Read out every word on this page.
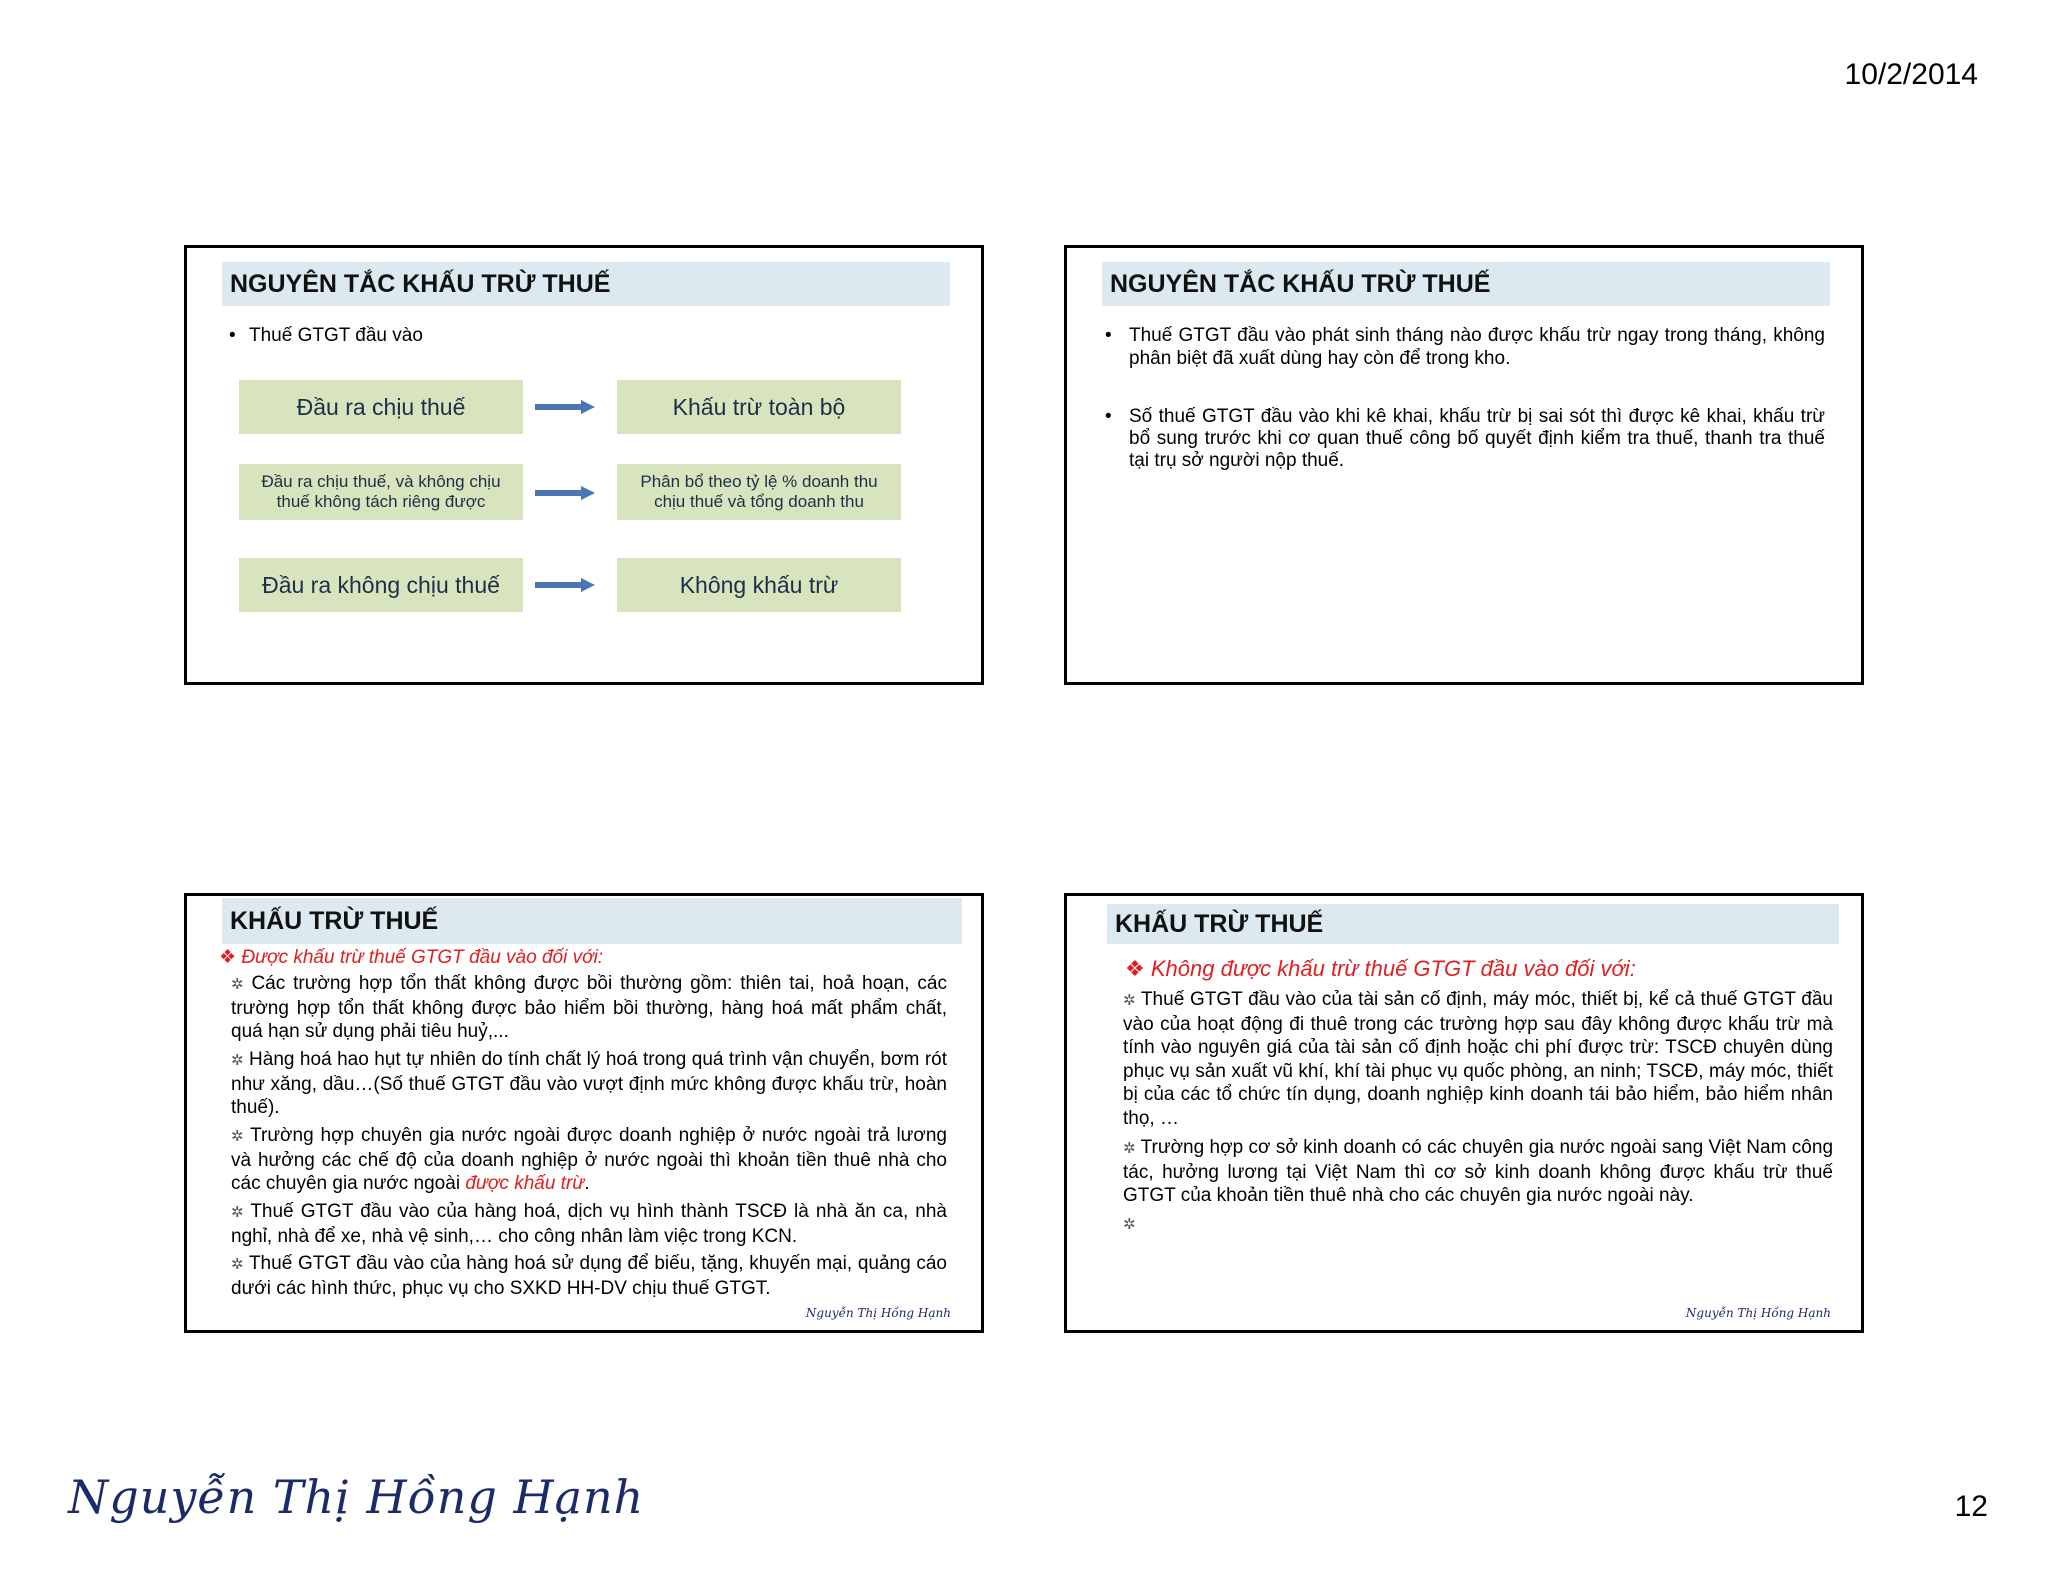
10/2/2014
NGUYÊN TẮC KHẤU TRỪ THUẾ
• Thuế GTGT đầu vào
Đầu ra chịu thuế	Khấu trừ toàn bộ
Đầu ra chịu thuế, và không chịu thuế không tách riêng được
Phân bổ theo tỷ lệ % doanh thu chịu thuế và tổng doanh thu
Đầu ra không chịu thuế	Không khấu trừ
NGUYÊN TẮC KHẤU TRỪ THUẾ
• Thuế GTGT đầu vào phát sinh tháng nào được khấu trừ ngay trong tháng, không phân biệt đã xuất dùng hay còn để trong kho.
• Số thuế GTGT đầu vào khi kê khai, khấu trừ bị sai sót thì được kê khai, khấu trừ bổ sung trước khi cơ quan thuế công bố quyết định kiểm tra thuế, thanh tra thuế tại trụ sở người nộp thuế.
KHẤU TRỪ THUẾ
❖ Được khấu trừ thuế GTGT đầu vào đối với:
✲ Các trường hợp tổn thất không được bồi thường gồm: thiên tai, hoả hoạn, các trường hợp tổn thất không được bảo hiểm bồi thường, hàng hoá mất phẩm chất, quá hạn sử dụng phải tiêu huỷ,...
✲ Hàng hoá hao hụt tự nhiên do tính chất lý hoá trong quá trình vận chuyển, bơm rót như xăng, dầu…(Số thuế GTGT đầu vào vượt định mức không được khấu trừ, hoàn thuế).
✲ Trường hợp chuyên gia nước ngoài được doanh nghiệp ở nước ngoài trả lương và hưởng các chế độ của doanh nghiệp ở nước ngoài thì khoản tiền thuê nhà cho các chuyên gia nước ngoài được khấu trừ.
✲ Thuế GTGT đầu vào của hàng hoá, dịch vụ hình thành TSCĐ là nhà ăn ca, nhà nghỉ, nhà để xe, nhà vệ sinh,… cho công nhân làm việc trong KCN.
✲ Thuế GTGT đầu vào của hàng hoá sử dụng để biếu, tặng, khuyến mại, quảng cáo dưới các hình thức, phục vụ cho SXKD HH-DV chịu thuế GTGT.
Nguyễn Thị Hồng Hạnh
KHẤU TRỪ THUẾ
❖ Không được khấu trừ thuế GTGT đầu vào đối với:
✲ Thuế GTGT đầu vào của tài sản cố định, máy móc, thiết bị, kể cả thuế GTGT đầu vào của hoạt động đi thuê trong các trường hợp sau đây không được khấu trừ mà tính vào nguyên giá của tài sản cố định hoặc chi phí được trừ: TSCĐ chuyên dùng phục vụ sản xuất vũ khí, khí tài phục vụ quốc phòng, an ninh; TSCĐ, máy móc, thiết bị của các tổ chức tín dụng, doanh nghiệp kinh doanh tái bảo hiểm, bảo hiểm nhân thọ, …
✲ Trường hợp cơ sở kinh doanh có các chuyên gia nước ngoài sang Việt Nam công tác, hưởng lương tại Việt Nam thì cơ sở kinh doanh không được khấu trừ thuế GTGT của khoản tiền thuê nhà cho các chuyên gia nước ngoài này.
✲
Nguyễn Thị Hồng Hạnh
Nguyễn Thị Hồng Hạnh	12
